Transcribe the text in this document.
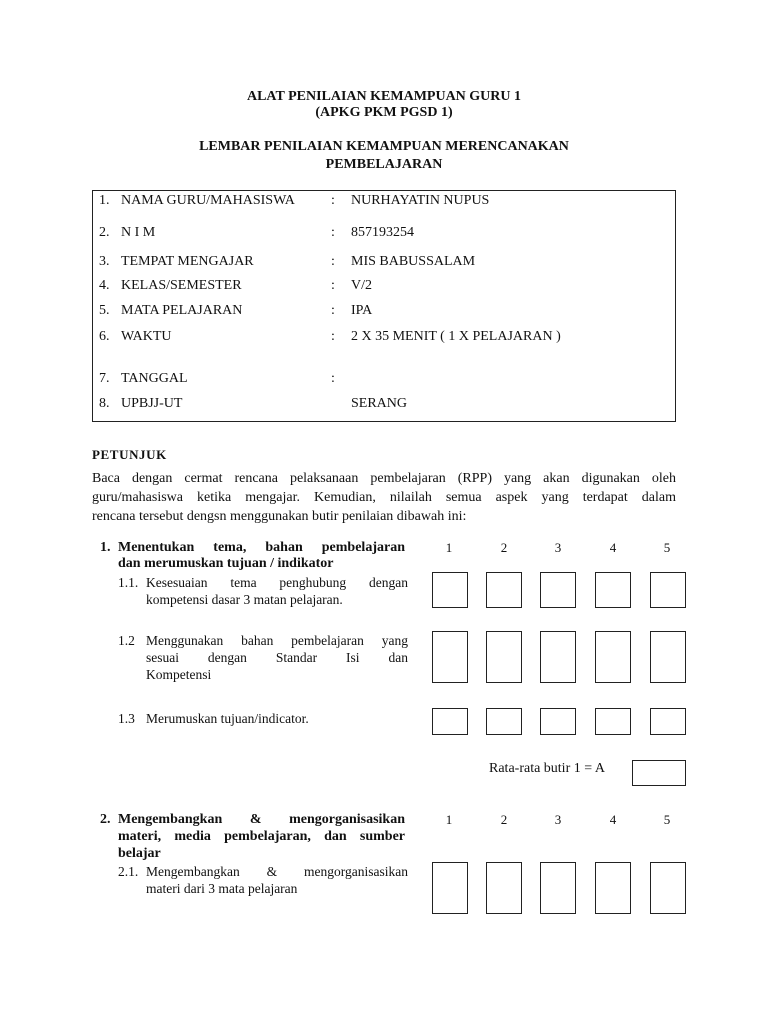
ALAT PENILAIAN KEMAMPUAN GURU 1
(APKG PKM PGSD 1)
LEMBAR PENILAIAN KEMAMPUAN MERENCANAKAN
PEMBELAJARAN
1. NAMA GURU/MAHASISWA	: NURHAYATIN NUPUS
2. N I M	: 857193254
3. TEMPAT MENGAJAR	: MIS BABUSSALAM
4. KELAS/SEMESTER	: V/2
5. MATA PELAJARAN	: IPA
6. WAKTU	: 2 X 35 MENIT ( 1 X PELAJARAN )
7. TANGGAL	:
8. UPBJJ-UT	SERANG
PETUNJUK
Baca dengan cermat rencana pelaksanaan pembelajaran (RPP) yang akan digunakan oleh
guru/mahasiswa ketika mengajar. Kemudian, nilailah semua aspek yang terdapat dalam
rencana tersebut dengsn menggunakan butir penilaian dibawah ini:
1. Menentukan tema, bahan pembelajaran
dan merumuskan tujuan / indikator
1	2	3	4	5
1.1. Kesesuaian tema penghubung dengan
kompetensi dasar 3 matan pelajaran.
1.2 Menggunakan bahan pembelajaran yang
sesuai dengan Standar Isi dan
Kompetensi
1.3 Merumuskan tujuan/indicator.
Rata-rata butir 1 = A
2. Mengembangkan & mengorganisasikan
materi, media pembelajaran, dan sumber
belajar
1	2	3	4	5
2.1. Mengembangkan & mengorganisasikan
materi dari 3 mata pelajaran
